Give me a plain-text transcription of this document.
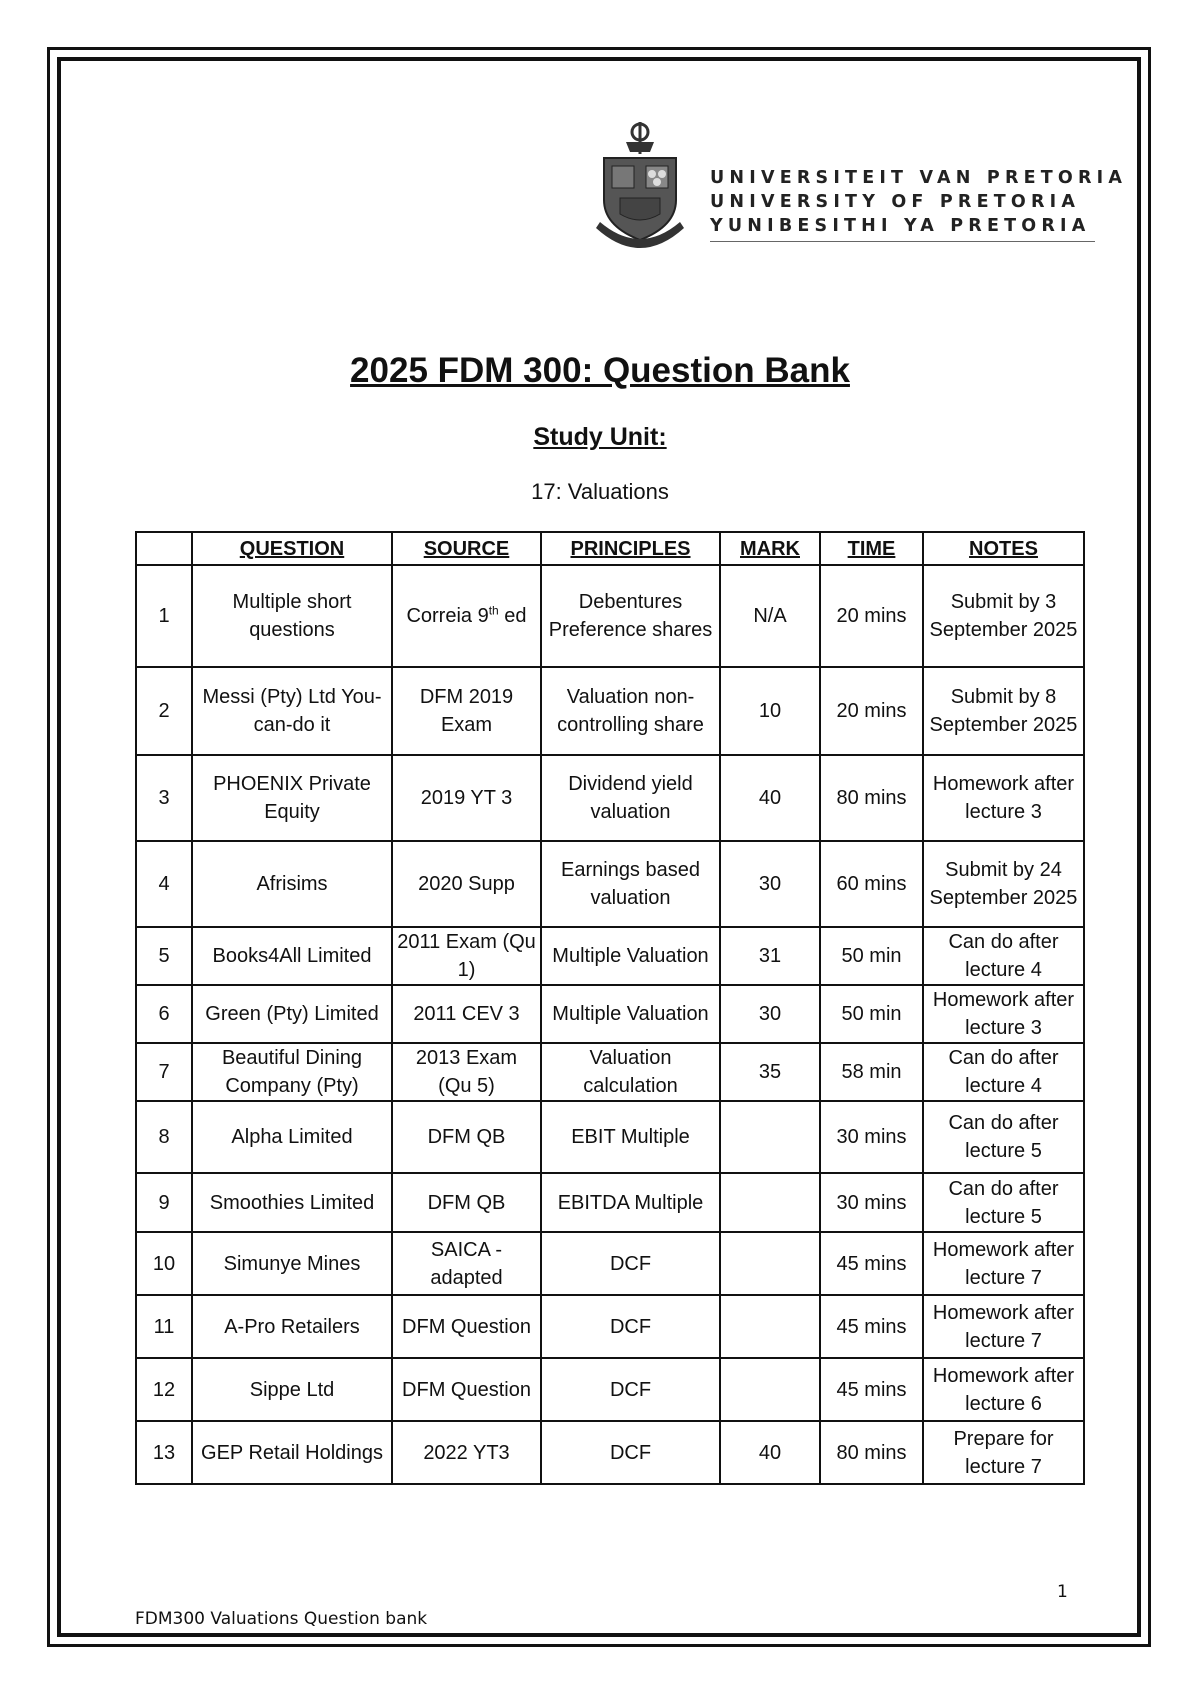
UNIVERSITEIT VAN PRETORIA
UNIVERSITY OF PRETORIA
YUNIBESITHI YA PRETORIA
2025 FDM 300: Question Bank
Study Unit:
17: Valuations
	QUESTION	SOURCE	PRINCIPLES	MARK	TIME	NOTES
1	Multiple short questions	Correia 9th ed	Debentures Preference shares	N/A	20 mins	Submit by 3 September 2025
2	Messi (Pty) Ltd You-can-do it	DFM 2019 Exam	Valuation non-controlling share	10	20 mins	Submit by 8 September 2025
3	PHOENIX Private Equity	2019 YT 3	Dividend yield valuation	40	80 mins	Homework after lecture 3
4	Afrisims	2020 Supp	Earnings based valuation	30	60 mins	Submit by 24 September 2025
5	Books4All Limited	2011 Exam (Qu 1)	Multiple Valuation	31	50 min	Can do after lecture 4
6	Green (Pty) Limited	2011 CEV 3	Multiple Valuation	30	50 min	Homework after lecture 3
7	Beautiful Dining Company (Pty)	2013 Exam (Qu 5)	Valuation calculation	35	58 min	Can do after lecture 4
8	Alpha Limited	DFM QB	EBIT Multiple		30 mins	Can do after lecture 5
9	Smoothies Limited	DFM QB	EBITDA Multiple		30 mins	Can do after lecture 5
10	Simunye Mines	SAICA - adapted	DCF		45 mins	Homework after lecture 7
11	A-Pro Retailers	DFM Question	DCF		45 mins	Homework after lecture 7
12	Sippe Ltd	DFM Question	DCF		45 mins	Homework after lecture 6
13	GEP Retail Holdings	2022 YT3	DCF	40	80 mins	Prepare for lecture 7
1
FDM300 Valuations Question bank
